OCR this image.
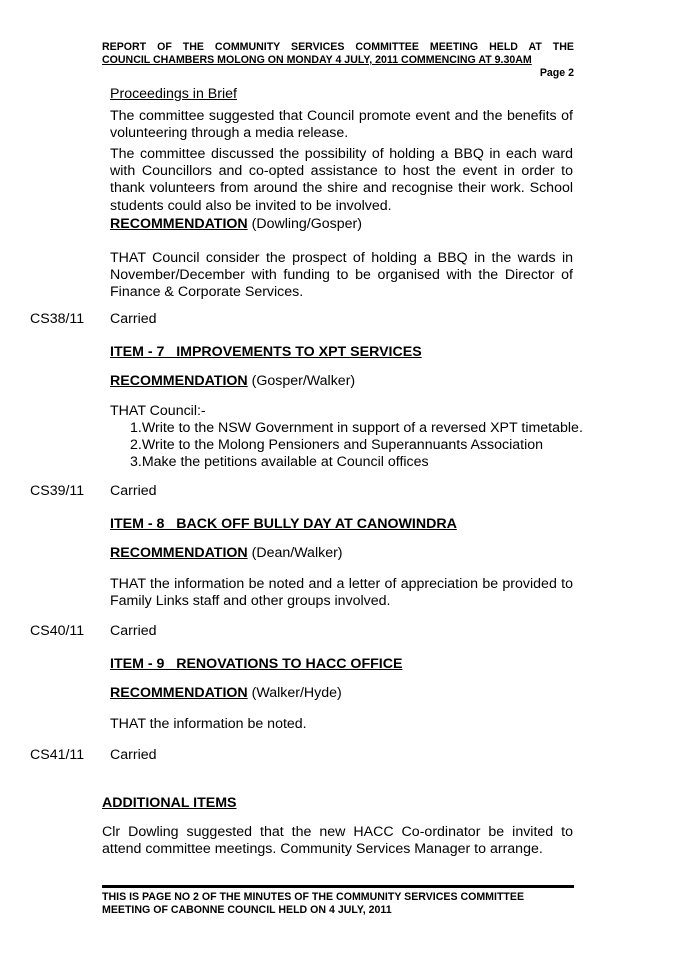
REPORT OF THE COMMUNITY SERVICES COMMITTEE MEETING HELD AT THE
COUNCIL CHAMBERS MOLONG ON MONDAY 4 JULY, 2011 COMMENCING AT 9.30AM
Page 2
Proceedings in Brief
The committee suggested that Council promote event and the benefits of volunteering through a media release.
The committee discussed the possibility of holding a BBQ in each ward with Councillors and co-opted assistance to host the event in order to thank volunteers from around the shire and recognise their work. School students could also be invited to be involved.
RECOMMENDATION (Dowling/Gosper)
THAT Council consider the prospect of holding a BBQ in the wards in November/December with funding to be organised with the Director of Finance & Corporate Services.
CS38/11 Carried
ITEM - 7   IMPROVEMENTS TO XPT SERVICES
RECOMMENDATION (Gosper/Walker)
THAT Council:-
1.Write to the NSW Government in support of a reversed XPT timetable.
2.Write to the Molong Pensioners and Superannuants Association
3.Make the petitions available at Council offices
CS39/11 Carried
ITEM - 8   BACK OFF BULLY DAY AT CANOWINDRA
RECOMMENDATION (Dean/Walker)
THAT the information be noted and a letter of appreciation be provided to Family Links staff and other groups involved.
CS40/11 Carried
ITEM - 9   RENOVATIONS TO HACC OFFICE
RECOMMENDATION (Walker/Hyde)
THAT the information be noted.
CS41/11 Carried
ADDITIONAL ITEMS
Clr Dowling suggested that the new HACC Co-ordinator be invited to attend committee meetings. Community Services Manager to arrange.
THIS IS PAGE NO 2 OF THE MINUTES OF THE COMMUNITY SERVICES COMMITTEE
MEETING OF CABONNE COUNCIL HELD ON 4 JULY, 2011
